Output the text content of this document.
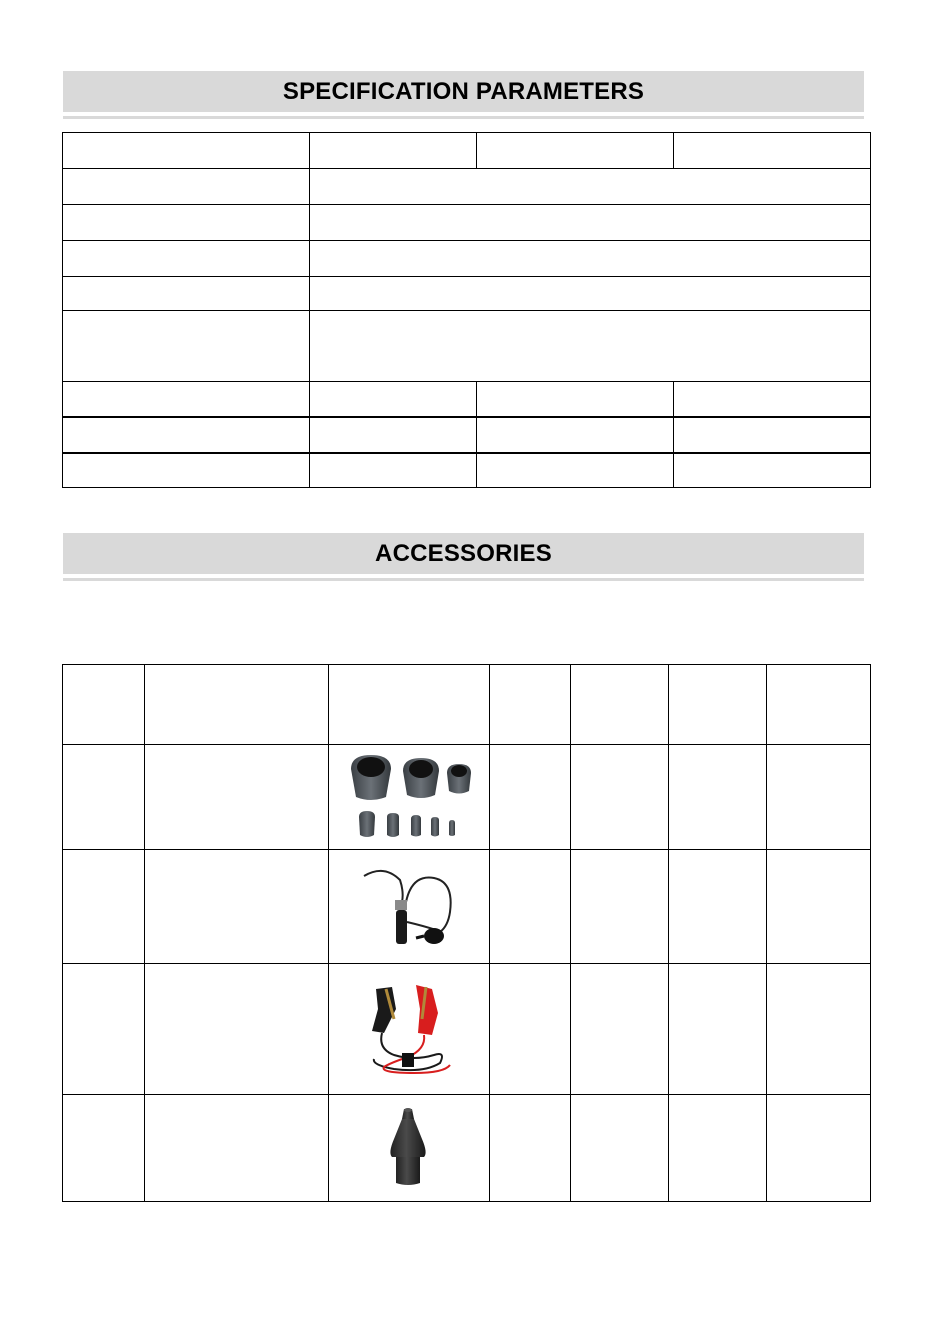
SPECIFICATION PARAMETERS

ACCESSORIES
